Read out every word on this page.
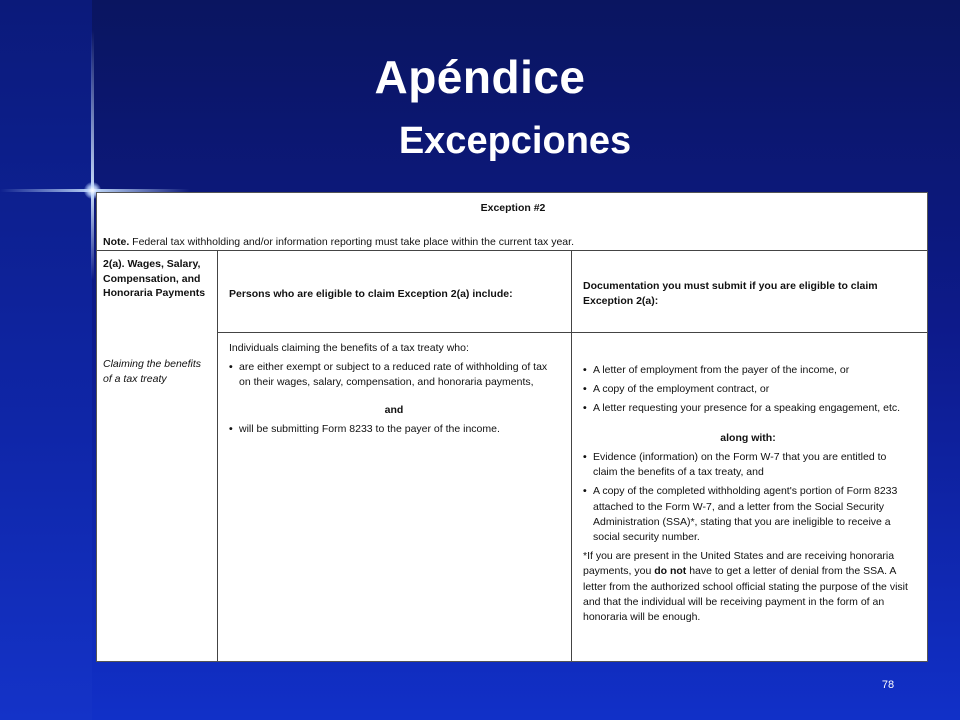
Apéndice
Excepciones
Exception #2
Note. Federal tax withholding and/or information reporting must take place within the current tax year.
2(a). Wages, Salary, Compensation, and Honoraria Payments
Claiming the benefits of a tax treaty
Persons who are eligible to claim Exception 2(a) include:
Documentation you must submit if you are eligible to claim Exception 2(a):
Individuals claiming the benefits of a tax treaty who:
• are either exempt or subject to a reduced rate of withholding of tax on their wages, salary, compensation, and honoraria payments,
and
• will be submitting Form 8233 to the payer of the income.
• A letter of employment from the payer of the income, or
• A copy of the employment contract, or
• A letter requesting your presence for a speaking engagement, etc.
along with:
• Evidence (information) on the Form W-7 that you are entitled to claim the benefits of a tax treaty, and
• A copy of the completed withholding agent's portion of Form 8233 attached to the Form W-7, and a letter from the Social Security Administration (SSA)*, stating that you are ineligible to receive a social security number.
*If you are present in the United States and are receiving honoraria payments, you do not have to get a letter of denial from the SSA. A letter from the authorized school official stating the purpose of the visit and that the individual will be receiving payment in the form of an honoraria will be enough.
78
